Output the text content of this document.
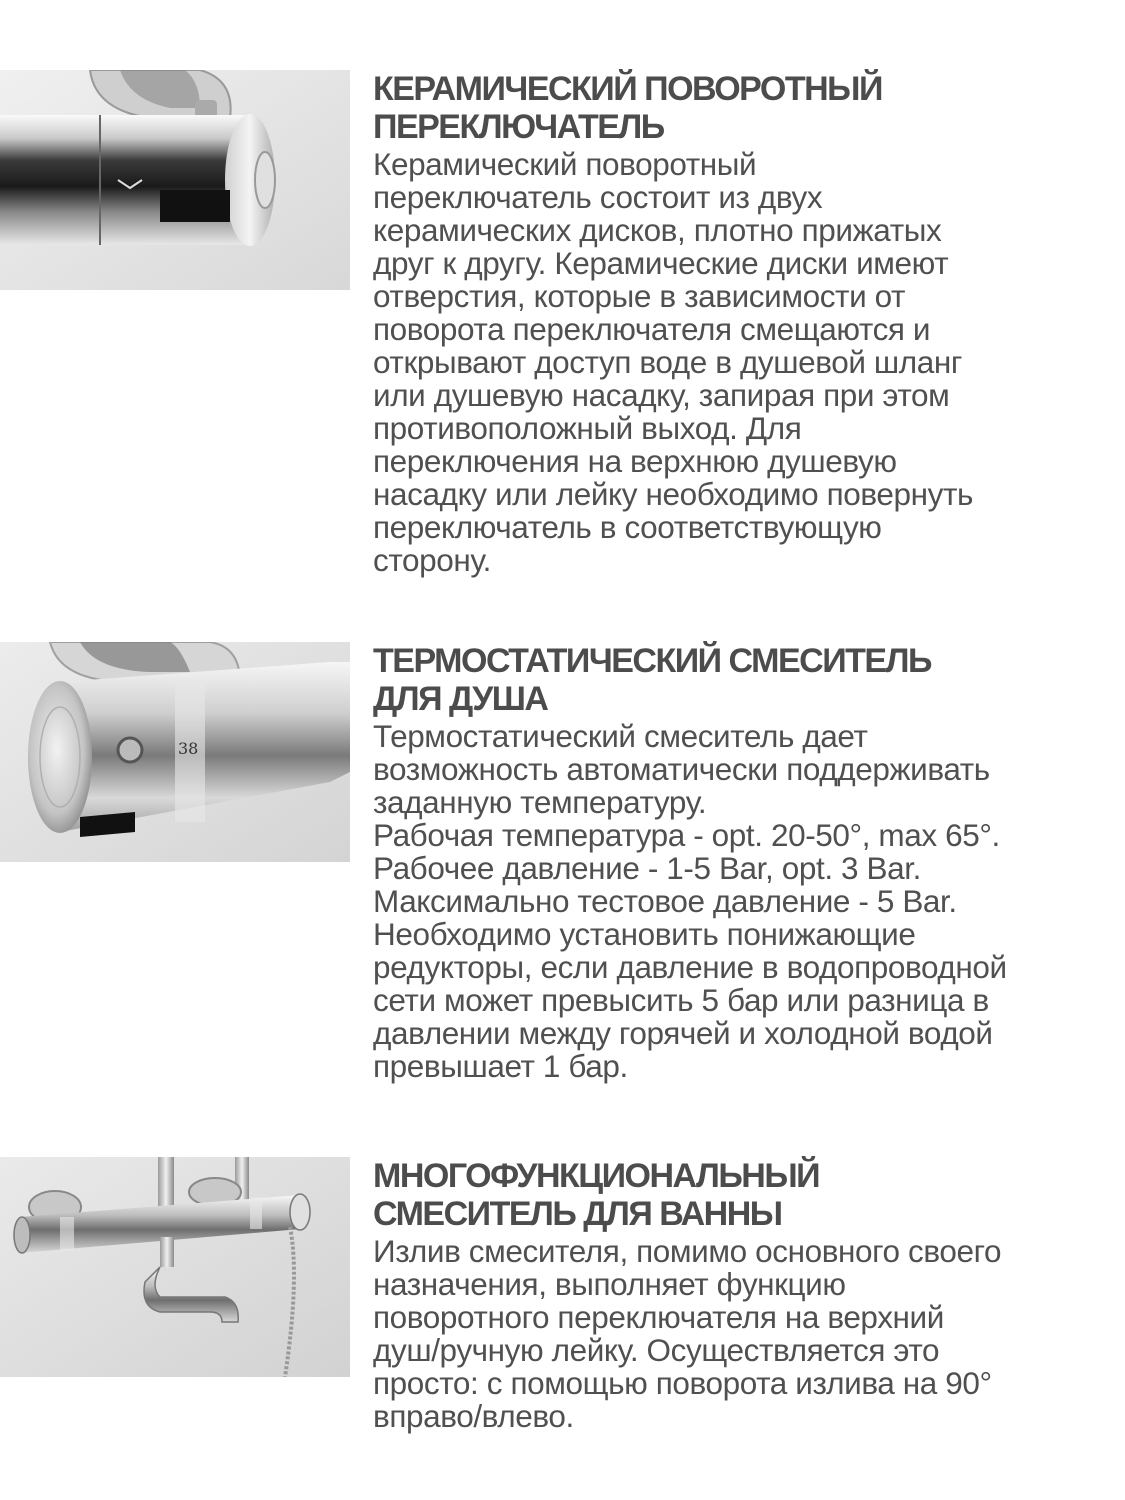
КЕРАМИЧЕСКИЙ ПОВОРОТНЫЙ
ПЕРЕКЛЮЧАТЕЛЬ

Керамический поворотный
переключатель состоит из двух
керамических дисков, плотно прижатых
друг к другу. Керамические диски имеют
отверстия, которые в зависимости от
поворота переключателя смещаются и
открывают доступ воде в душевой шланг
или душевую насадку, запирая при этом
противоположный выход. Для
переключения на верхнюю душевую
насадку или лейку необходимо повернуть
переключатель в соответствующую
сторону.

38
ТЕРМОСТАТИЧЕСКИЙ СМЕСИТЕЛЬ
ДЛЯ ДУША

Термостатический смеситель дает
возможность автоматически поддерживать
заданную температуру.
Рабочая температура - opt. 20-50°, max 65°.
Рабочее давление - 1-5 Bar, opt. 3 Bar.
Максимально тестовое давление - 5 Bar.
Необходимо установить понижающие
редукторы, если давление в водопроводной
сети может превысить 5 бар или разница в
давлении между горячей и холодной водой
превышает 1 бар.

МНОГОФУНКЦИОНАЛЬНЫЙ
СМЕСИТЕЛЬ ДЛЯ ВАННЫ

Излив смесителя, помимо основного своего
назначения, выполняет функцию
поворотного переключателя на верхний
душ/ручную лейку. Осуществляется это
просто: с помощью поворота излива на 90°
вправо/влево.
